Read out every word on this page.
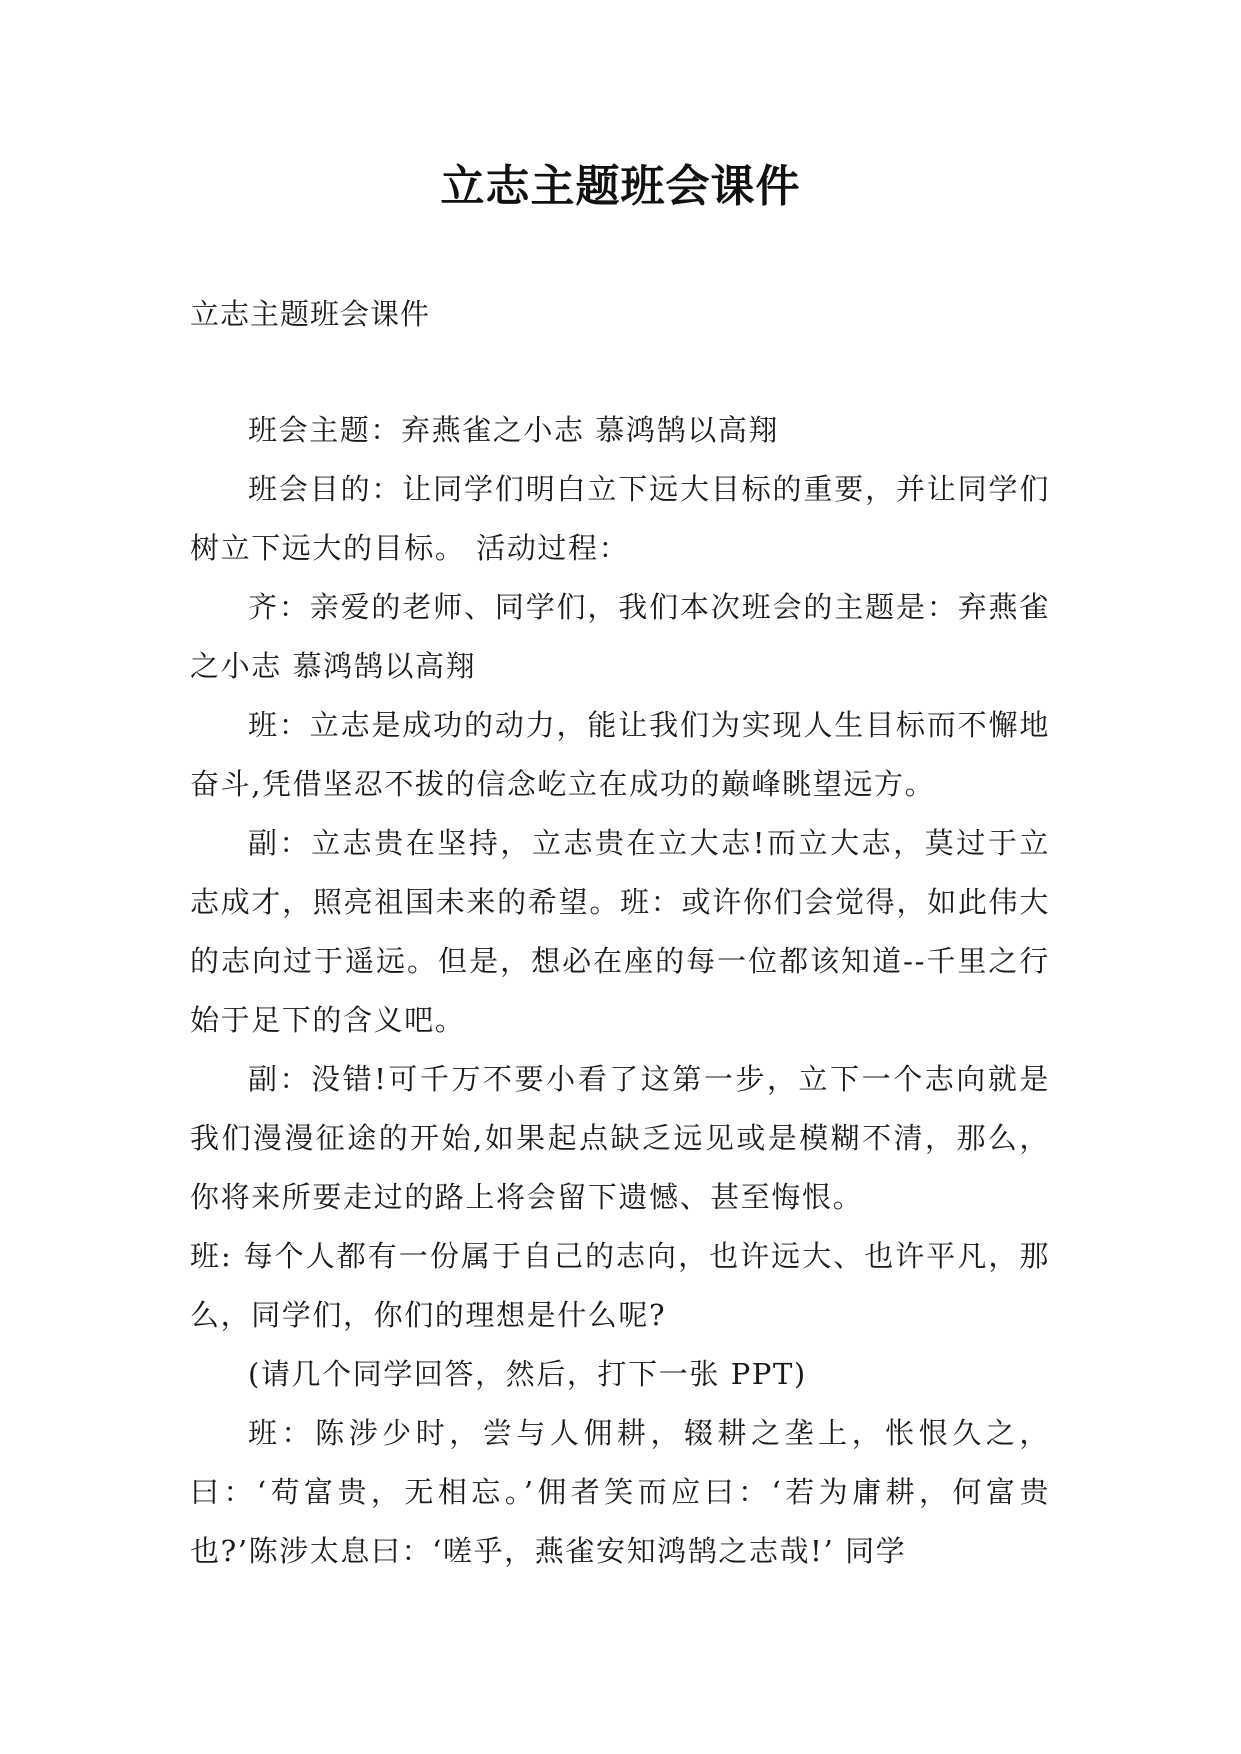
立志主题班会课件

立志主题班会课件

班会主题：弃燕雀之小志 慕鸿鹄以高翔

班会目的：让同学们明白立下远大目标的重要，并让同学们树立下远大的目标。 活动过程：

齐：亲爱的老师、同学们，我们本次班会的主题是：弃燕雀之小志 慕鸿鹄以高翔

班：立志是成功的动力，能让我们为实现人生目标而不懈地奋斗,凭借坚忍不拔的信念屹立在成功的巅峰眺望远方。

副：立志贵在坚持，立志贵在立大志!而立大志，莫过于立志成才，照亮祖国未来的希望。班：或许你们会觉得，如此伟大的志向过于遥远。但是，想必在座的每一位都该知道--千里之行始于足下的含义吧。

副：没错!可千万不要小看了这第一步，立下一个志向就是我们漫漫征途的开始,如果起点缺乏远见或是模糊不清，那么，你将来所要走过的路上将会留下遗憾、甚至悔恨。

班: 每个人都有一份属于自己的志向，也许远大、也许平凡，那么，同学们，你们的理想是什么呢?

(请几个同学回答，然后，打下一张 PPT)

班：陈涉少时，尝与人佣耕，辍耕之垄上，怅恨久之，曰：‘苟富贵，无相忘。’佣者笑而应曰：‘若为庸耕，何富贵也?’陈涉太息曰：‘嗟乎，燕雀安知鸿鹄之志哉!’ 同学
